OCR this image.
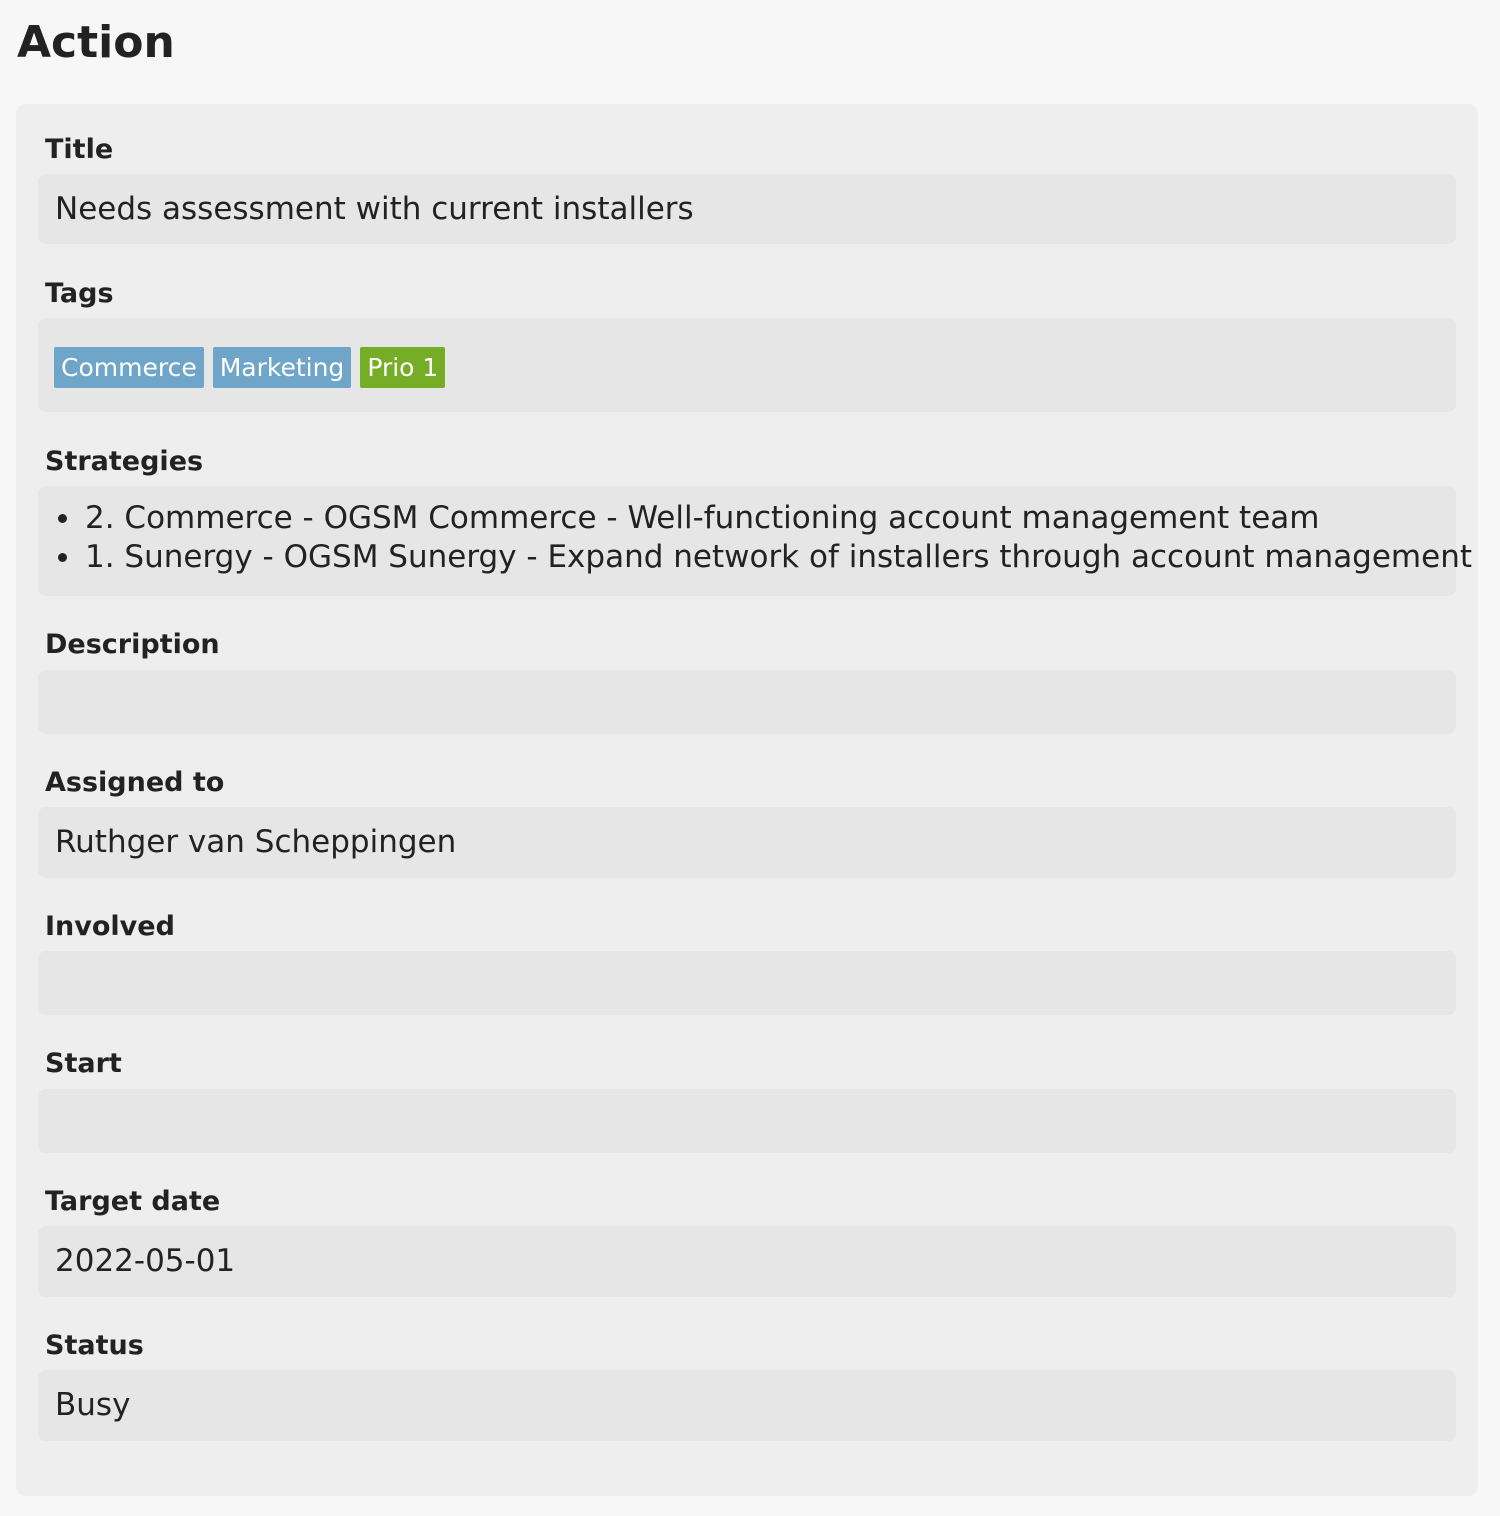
Action
Title
Needs assessment with current installers
Tags
Commerce Marketing Prio 1
Strategies
2. Commerce - OGSM Commerce - Well-functioning account management team
1. Sunergy - OGSM Sunergy - Expand network of installers through account management
Description
Assigned to
Ruthger van Scheppingen
Involved
Start
Target date
2022-05-01
Status
Busy
